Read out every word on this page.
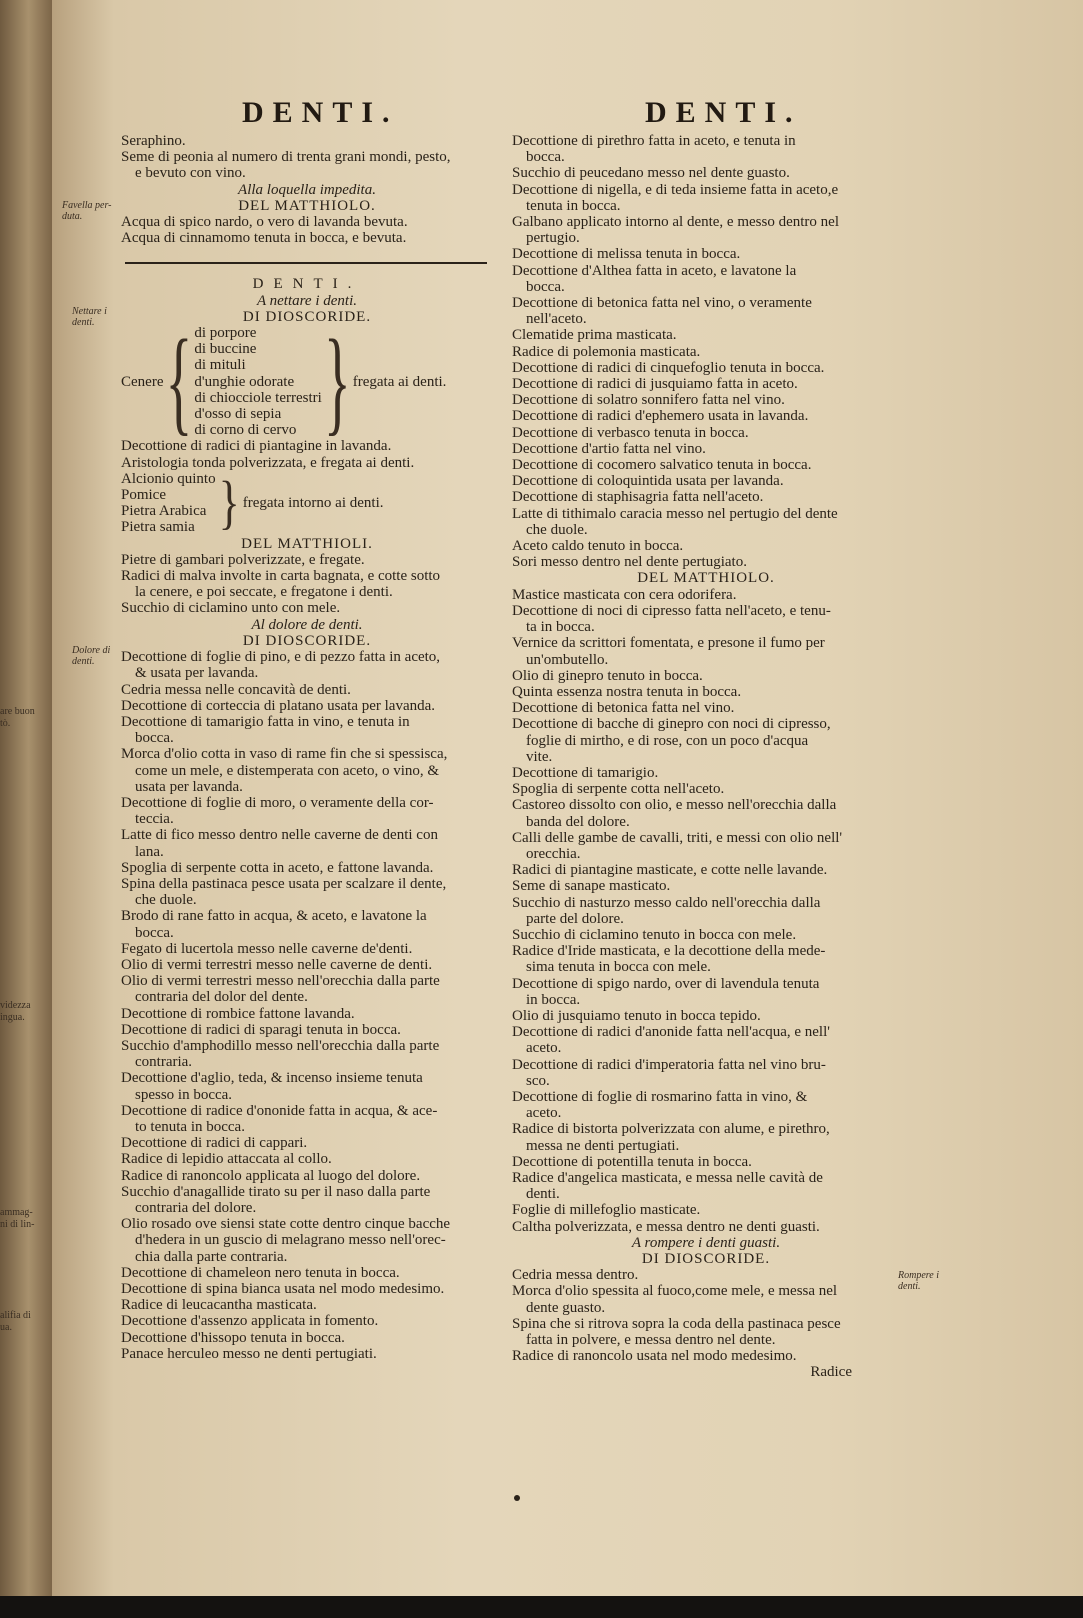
are buon
tò.
videzza
ingua.
ammag-
ni di lin-
alifia di
ua.
DENTI.	DENTI.
Favella per-
duta.
Nettare i
denti.
Dolore di
denti.
Rompere i
denti.
Seraphino.
Seme di peonia al numero di trenta grani mondi, pesto,
e bevuto con vino.
Alla loquella impedita.
DEL MATTHIOLO.
Acqua di spico nardo, o vero di lavanda bevuta.
Acqua di cinnamomo tenuta in bocca, e bevuta.
DENTI.
A nettare i denti.
DI DIOSCORIDE.
Cenere { di porpore
di buccine
di mituli
d'unghie odorate
di chiocciole terrestri
d'osso di sepia
di corno di cervo } fregata ai denti.
Decottione di radici di piantagine in lavanda.
Aristologia tonda polverizzata, e fregata ai denti.
Alcionio quinto
Pomice
Pietra Arabica
Pietra samia } fregata intorno ai denti.
DEL MATTHIOLI.
Pietre di gambari polverizzate, e fregate.
Radici di malva involte in carta bagnata, e cotte sotto
la cenere, e poi seccate, e fregatone i denti.
Succhio di ciclamino unto con mele.
Al dolore de denti.
DI DIOSCORIDE.
Decottione di foglie di pino, e di pezzo fatta in aceto,
& usata per lavanda.
Cedria messa nelle concavità de denti.
Decottione di corteccia di platano usata per lavanda.
Decottione di tamarigio fatta in vino, e tenuta in
bocca.
Morca d'olio cotta in vaso di rame fin che si spessisca,
come un mele, e distemperata con aceto, o vino, &
usata per lavanda.
Decottione di foglie di moro, o veramente della cor-
teccia.
Latte di fico messo dentro nelle caverne de denti con
lana.
Spoglia di serpente cotta in aceto, e fattone lavanda.
Spina della pastinaca pesce usata per scalzare il dente,
che duole.
Brodo di rane fatto in acqua, & aceto, e lavatone la
bocca.
Fegato di lucertola messo nelle caverne de'denti.
Olio di vermi terrestri messo nelle caverne de denti.
Olio di vermi terrestri messo nell'orecchia dalla parte
contraria del dolor del dente.
Decottione di rombice fattone lavanda.
Decottione di radici di sparagi tenuta in bocca.
Succhio d'amphodillo messo nell'orecchia dalla parte
contraria.
Decottione d'aglio, teda, & incenso insieme tenuta
spesso in bocca.
Decottione di radice d'ononide fatta in acqua, & ace-
to tenuta in bocca.
Decottione di radici di cappari.
Radice di lepidio attaccata al collo.
Radice di ranoncolo applicata al luogo del dolore.
Succhio d'anagallide tirato su per il naso dalla parte
contraria del dolore.
Olio rosado ove siensi state cotte dentro cinque bacche
d'hedera in un guscio di melagrano messo nell'orec-
chia dalla parte contraria.
Decottione di chameleon nero tenuta in bocca.
Decottione di spina bianca usata nel modo medesimo.
Radice di leucacantha masticata.
Decottione d'assenzo applicata in fomento.
Decottione d'hissopo tenuta in bocca.
Panace herculeo messo ne denti pertugiati.
Decottione di pirethro fatta in aceto, e tenuta in
bocca.
Succhio di peucedano messo nel dente guasto.
Decottione di nigella, e di teda insieme fatta in aceto,e
tenuta in bocca.
Galbano applicato intorno al dente, e messo dentro nel
pertugio.
Decottione di melissa tenuta in bocca.
Decottione d'Althea fatta in aceto, e lavatone la
bocca.
Decottione di betonica fatta nel vino, o veramente
nell'aceto.
Clematide prima masticata.
Radice di polemonia masticata.
Decottione di radici di cinquefoglio tenuta in bocca.
Decottione di radici di jusquiamo fatta in aceto.
Decottione di solatro sonnifero fatta nel vino.
Decottione di radici d'ephemero usata in lavanda.
Decottione di verbasco tenuta in bocca.
Decottione d'artio fatta nel vino.
Decottione di cocomero salvatico tenuta in bocca.
Decottione di coloquintida usata per lavanda.
Decottione di staphisagria fatta nell'aceto.
Latte di tithimalo caracia messo nel pertugio del dente
che duole.
Aceto caldo tenuto in bocca.
Sori messo dentro nel dente pertugiato.
DEL MATTHIOLO.
Mastice masticata con cera odorifera.
Decottione di noci di cipresso fatta nell'aceto, e tenu-
ta in bocca.
Vernice da scrittori fomentata, e presone il fumo per
un'ombutello.
Olio di ginepro tenuto in bocca.
Quinta essenza nostra tenuta in bocca.
Decottione di betonica fatta nel vino.
Decottione di bacche di ginepro con noci di cipresso,
foglie di mirtho, e di rose, con un poco d'acqua
vite.
Decottione di tamarigio.
Spoglia di serpente cotta nell'aceto.
Castoreo dissolto con olio, e messo nell'orecchia dalla
banda del dolore.
Calli delle gambe de cavalli, triti, e messi con olio nell'
orecchia.
Radici di piantagine masticate, e cotte nelle lavande.
Seme di sanape masticato.
Succhio di nasturzo messo caldo nell'orecchia dalla
parte del dolore.
Succhio di ciclamino tenuto in bocca con mele.
Radice d'Iride masticata, e la decottione della mede-
sima tenuta in bocca con mele.
Decottione di spigo nardo, over di lavendula tenuta
in bocca.
Olio di jusquiamo tenuto in bocca tepido.
Decottione di radici d'anonide fatta nell'acqua, e nell'
aceto.
Decottione di radici d'imperatoria fatta nel vino bru-
sco.
Decottione di foglie di rosmarino fatta in vino, &
aceto.
Radice di bistorta polverizzata con alume, e pirethro,
messa ne denti pertugiati.
Decottione di potentilla tenuta in bocca.
Radice d'angelica masticata, e messa nelle cavità de
denti.
Foglie di millefoglio masticate.
Caltha polverizzata, e messa dentro ne denti guasti.
A rompere i denti guasti.
DI DIOSCORIDE.
Cedria messa dentro.
Morca d'olio spessita al fuoco,come mele, e messa nel
dente guasto.
Spina che si ritrova sopra la coda della pastinaca pesce
fatta in polvere, e messa dentro nel dente.
Radice di ranoncolo usata nel modo medesimo.
Radice
